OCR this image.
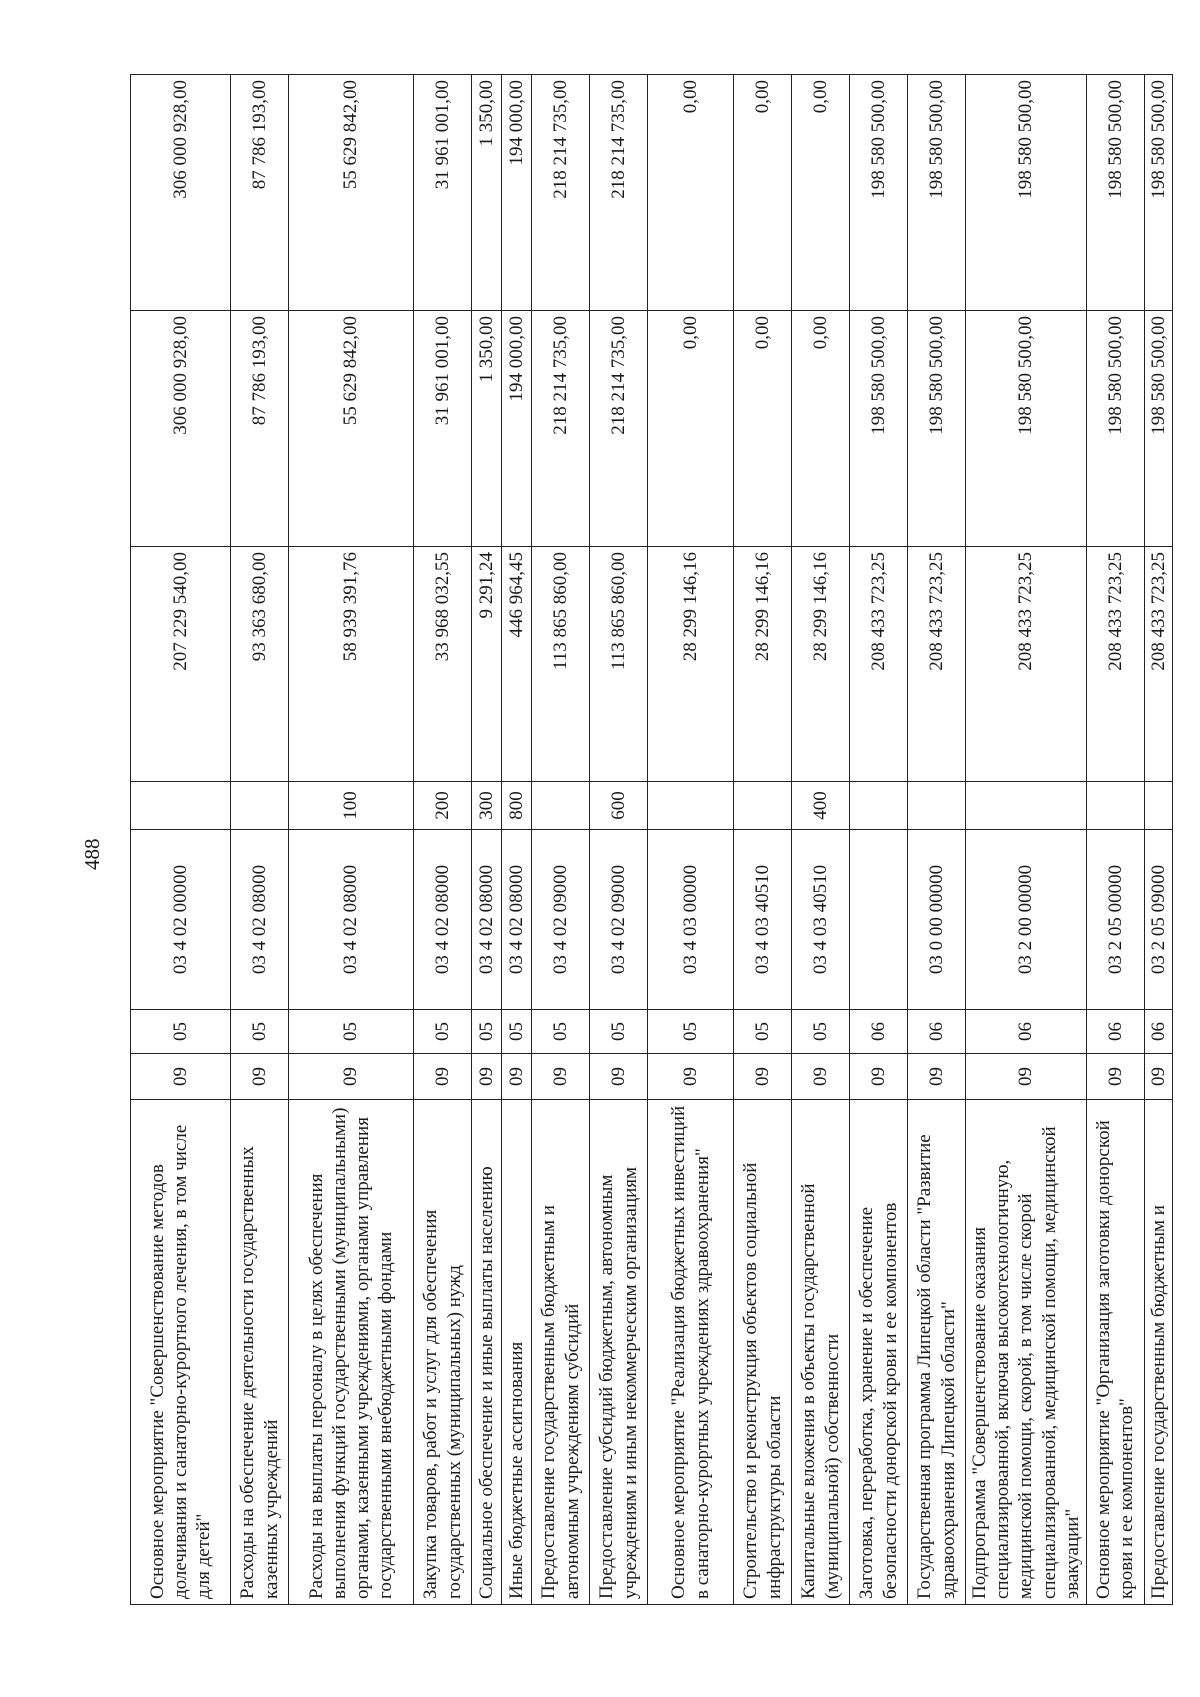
488
Основное мероприятие "Совершенствование методов долечивания и санаторно-курортного лечения, в том числе для детей"	09	05	03 4 02 00000		207 229 540,00	306 000 928,00	306 000 928,00
Расходы на обеспечение деятельности государственных казенных учреждений	09	05	03 4 02 08000		93 363 680,00	87 786 193,00	87 786 193,00
Расходы на выплаты персоналу в целях обеспечения выполнения функций государственными (муниципальными) органами, казенными учреждениями, органами управления государственными внебюджетными фондами	09	05	03 4 02 08000	100	58 939 391,76	55 629 842,00	55 629 842,00
Закупка товаров, работ и услуг для обеспечения государственных (муниципальных) нужд	09	05	03 4 02 08000	200	33 968 032,55	31 961 001,00	31 961 001,00
Социальное обеспечение и иные выплаты населению	09	05	03 4 02 08000	300	9 291,24	1 350,00	1 350,00
Иные бюджетные ассигнования	09	05	03 4 02 08000	800	446 964,45	194 000,00	194 000,00
Предоставление государственным бюджетным и автономным учреждениям субсидий	09	05	03 4 02 09000		113 865 860,00	218 214 735,00	218 214 735,00
Предоставление субсидий бюджетным, автономным учреждениям и иным некоммерческим организациям	09	05	03 4 02 09000	600	113 865 860,00	218 214 735,00	218 214 735,00
Основное мероприятие "Реализация бюджетных инвестиций в санаторно-курортных учреждениях здравоохранения"	09	05	03 4 03 00000		28 299 146,16	0,00	0,00
Строительство и реконструкция объектов социальной инфраструктуры области	09	05	03 4 03 40510		28 299 146,16	0,00	0,00
Капитальные вложения в объекты государственной (муниципальной) собственности	09	05	03 4 03 40510	400	28 299 146,16	0,00	0,00
Заготовка, переработка, хранение и обеспечение безопасности донорской крови и ее компонентов	09	06			208 433 723,25	198 580 500,00	198 580 500,00
Государственная программа Липецкой области "Развитие здравоохранения Липецкой области"	09	06	03 0 00 00000		208 433 723,25	198 580 500,00	198 580 500,00
Подпрограмма "Совершенствование оказания специализированной, включая высокотехнологичную, медицинской помощи, скорой, в том числе скорой специализированной, медицинской помощи, медицинской эвакуации"	09	06	03 2 00 00000		208 433 723,25	198 580 500,00	198 580 500,00
Основное мероприятие "Организация заготовки донорской крови и ее компонентов"	09	06	03 2 05 00000		208 433 723,25	198 580 500,00	198 580 500,00
Предоставление государственным бюджетным и	09	06	03 2 05 09000		208 433 723,25	198 580 500,00	198 580 500,00
